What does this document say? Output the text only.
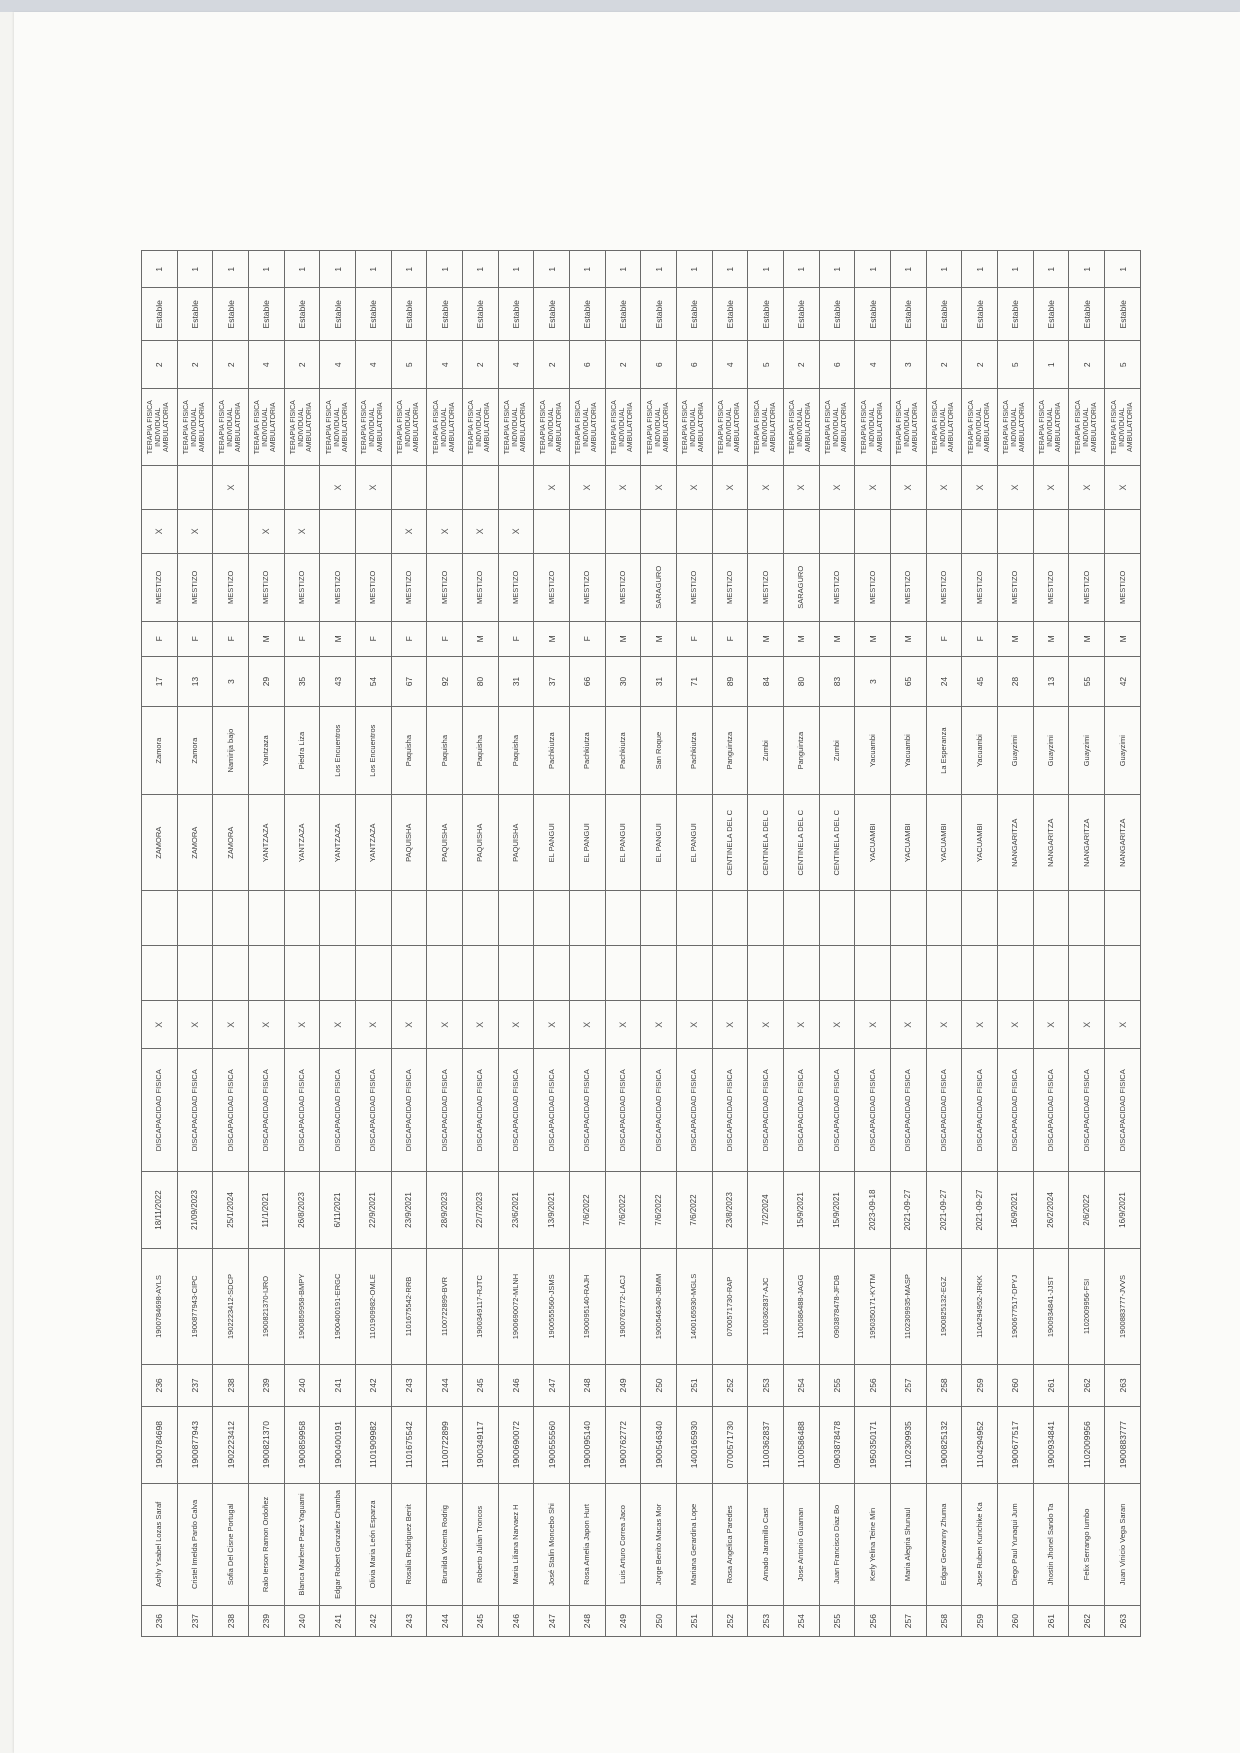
236	Ashly Ysabel Lozas Saraf	1900784698	236	1900784698-AYLS	18/11/2022	DISCAPACIDAD FISICA	X			ZAMORA	Zamora	17	F	MESTIZO	X		TERAPIA FISICA INDIVIDUAL AMBULATORIA	2	Estable	1
237	Cristel Imelda Pardo Calva	1900877943	237	1900877943-CIPC	21/09/2023	DISCAPACIDAD FISICA	X			ZAMORA	Zamora	13	F	MESTIZO	X		TERAPIA FISICA INDIVIDUAL AMBULATORIA	2	Estable	1
238	Sofia Del Cisne Portugal	1902223412	238	1902223412-SDCP	25/1/2024	DISCAPACIDAD FISICA	X			ZAMORA	Namirija bajo	3	F	MESTIZO		X	TERAPIA FISICA INDIVIDUAL AMBULATORIA	2	Estable	1
239	Ralo Ierson Ramon Ordoñez	1900821370	239	1900821370-IJRO	11/1/2021	DISCAPACIDAD FISICA	X			YANTZAZA	Yantzaza	29	M	MESTIZO	X		TERAPIA FISICA INDIVIDUAL AMBULATORIA	4	Estable	1
240	Blanca Marlene Paez Yaguami	1900859958	240	1900859958-BMPY	26/8/2023	DISCAPACIDAD FISICA	X			YANTZAZA	Piedra Liza	35	F	MESTIZO	X		TERAPIA FISICA INDIVIDUAL AMBULATORIA	2	Estable	1
241	Edgar Robert Gonzalez Chamba	1900400191	241	1900400191-ERGC	6/11/2021	DISCAPACIDAD FISICA	X			YANTZAZA	Los Encuentros	43	M	MESTIZO		X	TERAPIA FISICA INDIVIDUAL AMBULATORIA	4	Estable	1
242	Olivia Maria León Esparza	1101909982	242	1101909982-OMLE	22/9/2021	DISCAPACIDAD FISICA	X			YANTZAZA	Los Encuentros	54	F	MESTIZO		X	TERAPIA FISICA INDIVIDUAL AMBULATORIA	4	Estable	1
243	Rosalia Rodriguez Benit	1101675542	243	1101675542-RRB	23/9/2021	DISCAPACIDAD FISICA	X			PAQUISHA	Paquisha	67	F	MESTIZO	X		TERAPIA FISICA INDIVIDUAL AMBULATORIA	5	Estable	1
244	Brunilda Vicenta Rodrig	1100722899	244	1100722899-BVR	28/9/2023	DISCAPACIDAD FISICA	X			PAQUISHA	Paquisha	92	F	MESTIZO	X		TERAPIA FISICA INDIVIDUAL AMBULATORIA	4	Estable	1
245	Roberto Julian Troncos	1900349117	245	1900349117-RJTC	22/7/2023	DISCAPACIDAD FISICA	X			PAQUISHA	Paquisha	80	M	MESTIZO	X		TERAPIA FISICA INDIVIDUAL AMBULATORIA	2	Estable	1
246	Maria Liliana Narvaez H	1900690072	246	1900690072-MLNH	23/6/2021	DISCAPACIDAD FISICA	X			PAQUISHA	Paquisha	31	F	MESTIZO	X		TERAPIA FISICA INDIVIDUAL AMBULATORIA	4	Estable	1
247	José Stalin Moncebo Shi	1900555560	247	1900555560-JSMS	13/9/2021	DISCAPACIDAD FISICA	X			EL PANGUI	Pachkiutza	37	M	MESTIZO		X	TERAPIA FISICA INDIVIDUAL AMBULATORIA	2	Estable	1
248	Rosa Amelia Japon Hurt	1900095140	248	1900095140-RAJH	7/6/2022	DISCAPACIDAD FISICA	X			EL PANGUI	Pachkiutza	66	F	MESTIZO		X	TERAPIA FISICA INDIVIDUAL AMBULATORIA	6	Estable	1
249	Luis Arturo Correa Jaco	1900762772	249	1900762772-LACJ	7/6/2022	DISCAPACIDAD FISICA	X			EL PANGUI	Pachkiutza	30	M	MESTIZO		X	TERAPIA FISICA INDIVIDUAL AMBULATORIA	2	Estable	1
250	Jorge Benito Macas Mor	1900546340	250	1900546340-JBMM	7/6/2022	DISCAPACIDAD FISICA	X			EL PANGUI	San Roque	31	M	SARAGURO		X	TERAPIA FISICA INDIVIDUAL AMBULATORIA	6	Estable	1
251	Mariana Gerardina Lope	1400165930	251	1400165930-MGLS	7/6/2022	DISCAPACIDAD FISICA	X			EL PANGUI	Pachkiutza	71	F	MESTIZO		X	TERAPIA FISICA INDIVIDUAL AMBULATORIA	6	Estable	1
252	Rosa Angelica Paredes	0700571730	252	0700571730-RAP	23/8/2023	DISCAPACIDAD FISICA	X			CENTINELA DEL C	Panguintza	89	F	MESTIZO		X	TERAPIA FISICA INDIVIDUAL AMBULATORIA	4	Estable	1
253	Amado Jaramillo Cast	1100362837	253	1100362837-AJC	7/2/2024	DISCAPACIDAD FISICA	X			CENTINELA DEL C	Zumbi	84	M	MESTIZO		X	TERAPIA FISICA INDIVIDUAL AMBULATORIA	5	Estable	1
254	Jose Antonio Guaman	1100586488	254	1100586488-JAGG	15/9/2021	DISCAPACIDAD FISICA	X			CENTINELA DEL C	Panguintza	80	M	SARAGURO		X	TERAPIA FISICA INDIVIDUAL AMBULATORIA	2	Estable	1
255	Juan Francisco Diaz Bo	0903878478	255	0903878478-JFDB	15/9/2021	DISCAPACIDAD FISICA	X			CENTINELA DEL C	Zumbi	83	M	MESTIZO		X	TERAPIA FISICA INDIVIDUAL AMBULATORIA	6	Estable	1
256	Kerly Yelina Teine Min	1950350171	256	1950350171-KYTM	2023-09-18	DISCAPACIDAD FISICA	X			YACUAMBI	Yacuambi	3	M	MESTIZO		X	TERAPIA FISICA INDIVIDUAL AMBULATORIA	4	Estable	1
257	Maria Alegria Shunaul	1102309935	257	1102309935-MASP	2021-09-27	DISCAPACIDAD FISICA	X			YACUAMBI	Yacuambi	65	M	MESTIZO		X	TERAPIA FISICA INDIVIDUAL AMBULATORIA	3	Estable	1
258	Edgar Geovanny Zhuma	1900825132	258	1900825132-EGZ	2021-09-27	DISCAPACIDAD FISICA	X			YACUAMBI	La Esperanza	24	F	MESTIZO		X	TERAPIA FISICA INDIVIDUAL AMBULATORIA	2	Estable	1
259	Jose Ruben Kunchike Ka	1104294952	259	1104294952-JRKK	2021-09-27	DISCAPACIDAD FISICA	X			YACUAMBI	Yacuambi	45	F	MESTIZO		X	TERAPIA FISICA INDIVIDUAL AMBULATORIA	2	Estable	1
260	Diego Paul Yunaqui Jum	1900677517	260	1900677517-DPYJ	16/9/2021	DISCAPACIDAD FISICA	X			NANGARITZA	Guayzimi	28	M	MESTIZO		X	TERAPIA FISICA INDIVIDUAL AMBULATORIA	5	Estable	1
261	Jhostin Jhonel Sando Ta	1900934841	261	1900934841-JJST	26/2/2024	DISCAPACIDAD FISICA	X			NANGARITZA	Guayzimi	13	M	MESTIZO		X	TERAPIA FISICA INDIVIDUAL AMBULATORIA	1	Estable	1
262	Felix Serrango Iumbo	1102009956	262	1102009956-FSI	2/6/2022	DISCAPACIDAD FISICA	X			NANGARITZA	Guayzimi	55	M	MESTIZO		X	TERAPIA FISICA INDIVIDUAL AMBULATORIA	2	Estable	1
263	Juan Vinicio Vega Saran	1900883777	263	1900883777-JVVS	16/9/2021	DISCAPACIDAD FISICA	X			NANGARITZA	Guayzimi	42	M	MESTIZO		X	TERAPIA FISICA INDIVIDUAL AMBULATORIA	5	Estable	1
